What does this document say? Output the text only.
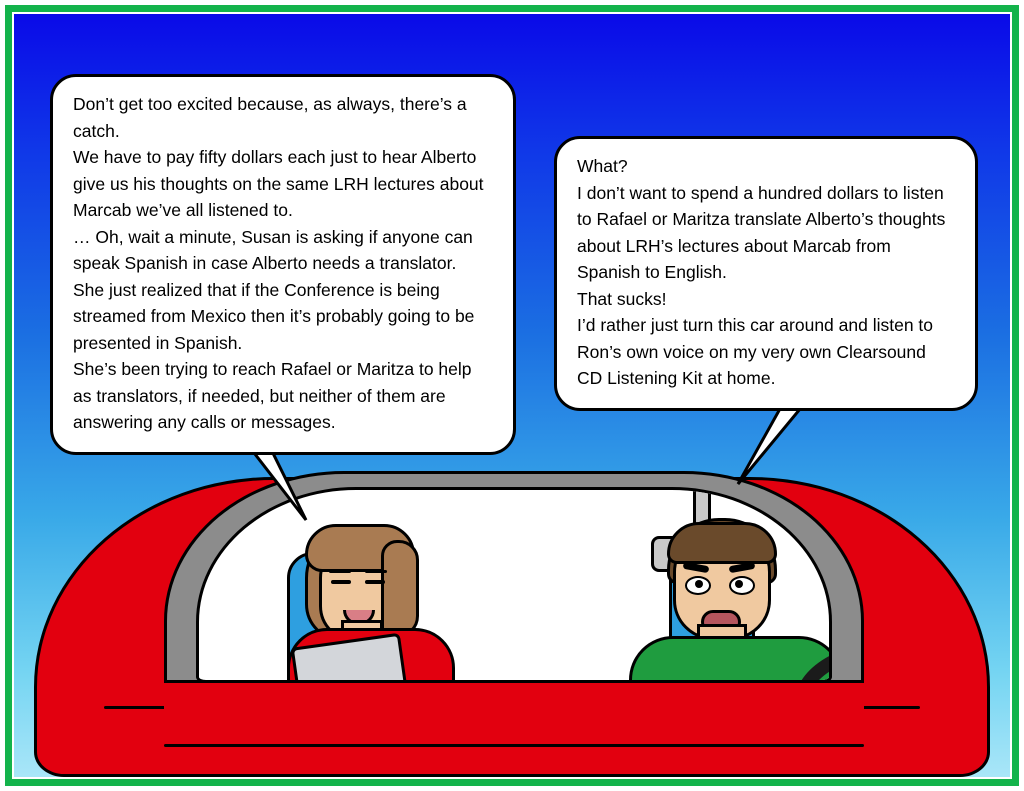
Don’t get too excited because, as always, there’s a catch.

We have to pay fifty dollars each just to hear Alberto give us his thoughts on the same LRH lectures about Marcab we’ve all listened to.

… Oh, wait a minute, Susan is asking if anyone can speak Spanish in case Alberto needs a translator.

She just realized that if the Conference is being streamed from Mexico then it’s probably going to be presented in Spanish.

She’s been trying to reach Rafael or Maritza to help as translators, if needed, but neither of them are answering any calls or messages.

What?

I don’t want to spend a hundred dollars to listen to Rafael or Maritza translate Alberto’s thoughts about LRH’s lectures about Marcab from Spanish to English.

That sucks!

I’d rather just turn this car around and listen to Ron’s own voice on my very own Clearsound CD Listening Kit at home.
